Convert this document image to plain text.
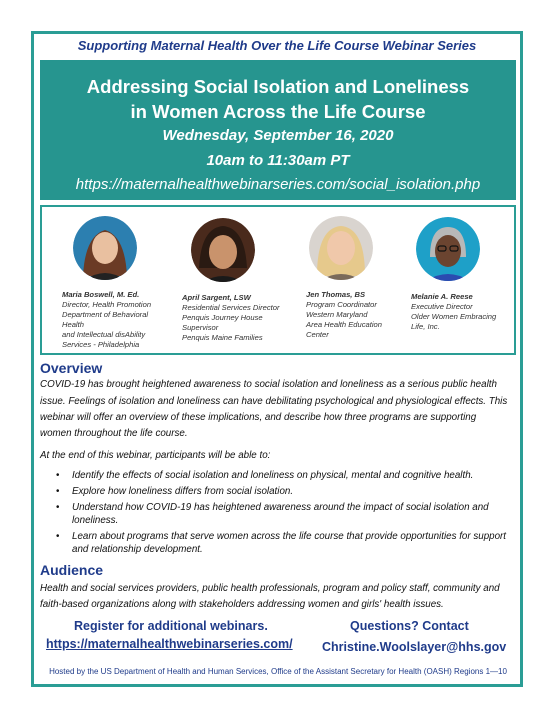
Supporting Maternal Health Over the Life Course Webinar Series
Addressing Social Isolation and Loneliness
in Women Across the Life Course
Wednesday, September 16, 2020
10am to 11:30am PT
https://maternalhealthwebinarseries.com/social_isolation.php
Maria Boswell, M. Ed.
Director, Health Promotion
Department of Behavioral
Health
and Intellectual disAbility
Services - Philadelphia
April Sargent, LSW
Residential Services Director
Penquis Journey House
Supervisor
Penquis Maine Families
Jen Thomas, BS
Program Coordinator
Western Maryland
Area Health Education
Center
Melanie A. Reese
Executive Director
Older Women Embracing
Life, Inc.
Overview
COVID-19 has brought heightened awareness to social isolation and loneliness as a serious public health
issue. Feelings of isolation and loneliness can have debilitating psychological and physiological effects. This
webinar will offer an overview of these implications, and describe how three programs are supporting
women throughout the life course.
At the end of this webinar, participants will be able to:
• Identify the effects of social isolation and loneliness on physical, mental and cognitive health.
• Explore how loneliness differs from social isolation.
• Understand how COVID-19 has heightened awareness around the impact of social isolation and loneliness.
• Learn about programs that serve women across the life course that provide opportunities for support and relationship development.
Audience
Health and social services providers, public health professionals, program and policy staff, community and
faith-based organizations along with stakeholders addressing women and girls' health issues.
Register for additional webinars.
https://maternalhealthwebinarseries.com/
Questions? Contact
Christine.Woolslayer@hhs.gov
Hosted by the US Department of Health and Human Services, Office of the Assistant Secretary for Health (OASH) Regions 1—10
